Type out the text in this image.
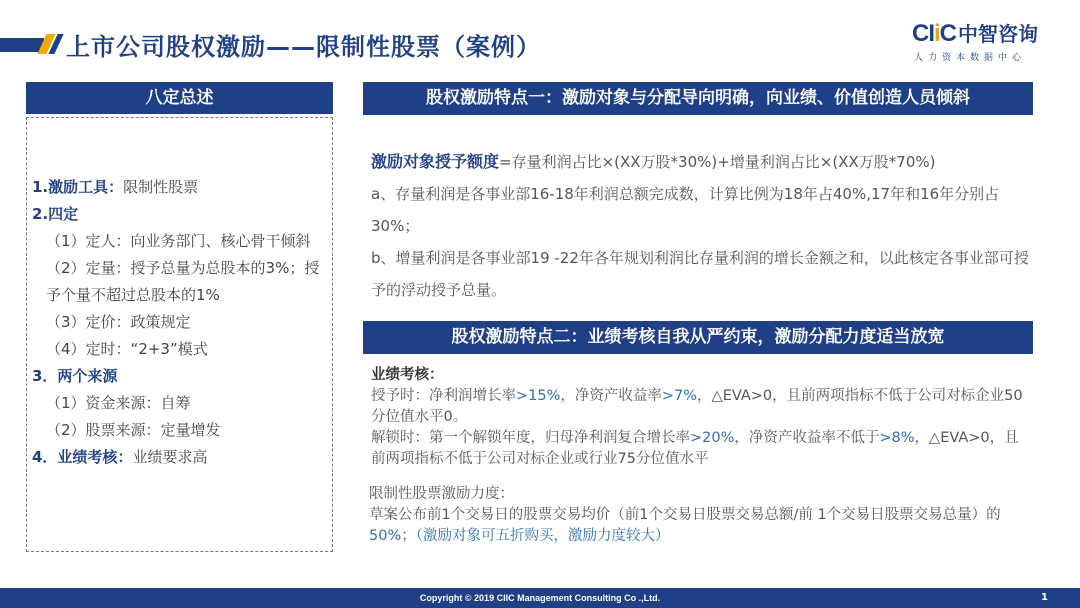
上市公司股权激励——限制性股票（案例）	CIiC 中智咨询
人力资本数据中心
八定总述
1.激励工具：限制性股票
2.四定
（1）定人：向业务部门、核心骨干倾斜
（2）定量：授予总量为总股本的3%；授予个量不超过总股本的1%
（3）定价：政策规定
（4）定时：“2+3”模式
3．两个来源
（1）资金来源：自筹
（2）股票来源：定量增发
4．业绩考核：业绩要求高
股权激励特点一：激励对象与分配导向明确，向业绩、价值创造人员倾斜
激励对象授予额度=存量利润占比×(XX万股*30%)+增量利润占比×(XX万股*70%)
a、存量利润是各事业部16-18年利润总额完成数，计算比例为18年占40%,17年和16年分别占30%；
b、增量利润是各事业部19 -22年各年规划利润比存量利润的增长金额之和，以此核定各事业部可授予的浮动授予总量。
股权激励特点二：业绩考核自我从严约束，激励分配力度适当放宽
业绩考核：
授予时：净利润增长率>15%，净资产收益率>7%，△EVA>0，且前两项指标不低于公司对标企业50分位值水平0。
解锁时：第一个解锁年度，归母净利润复合增长率>20%，净资产收益率不低于>8%，△EVA>0，且前两项指标不低于公司对标企业或行业75分位值水平
限制性股票激励力度：
草案公布前1个交易日的股票交易均价（前1个交易日股票交易总额/前 1个交易日股票交易总量）的50%；（激励对象可五折购买，激励力度较大）
Copyright © 2019 CIIC Management Consulting Co .,Ltd.	1
